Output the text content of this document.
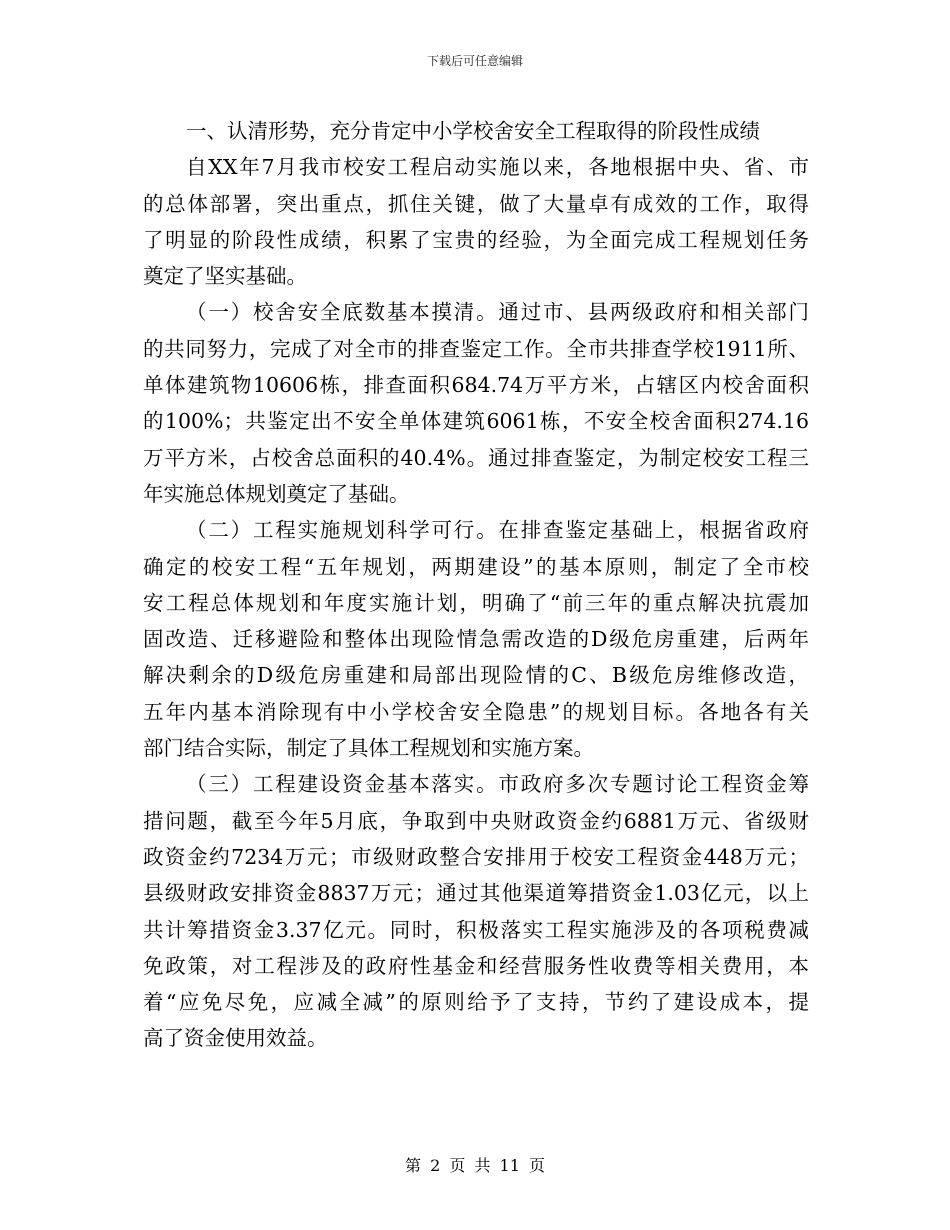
下载后可任意编辑
一、认清形势，充分肯定中小学校舍安全工程取得的阶段性成绩
自XX年7月我市校安工程启动实施以来，各地根据中央、省、市
的总体部署，突出重点，抓住关键，做了大量卓有成效的工作，取得
了明显的阶段性成绩，积累了宝贵的经验，为全面完成工程规划任务
奠定了坚实基础。
（一）校舍安全底数基本摸清。通过市、县两级政府和相关部门
的共同努力，完成了对全市的排查鉴定工作。全市共排查学校1911所、
单体建筑物10606栋，排查面积684.74万平方米，占辖区内校舍面积
的100%；共鉴定出不安全单体建筑6061栋，不安全校舍面积274.16
万平方米，占校舍总面积的40.4%。通过排查鉴定，为制定校安工程三
年实施总体规划奠定了基础。
（二）工程实施规划科学可行。在排查鉴定基础上，根据省政府
确定的校安工程“五年规划，两期建设”的基本原则，制定了全市校
安工程总体规划和年度实施计划，明确了“前三年的重点解决抗震加
固改造、迁移避险和整体出现险情急需改造的D级危房重建，后两年
解决剩余的D级危房重建和局部出现险情的C、B级危房维修改造，
五年内基本消除现有中小学校舍安全隐患”的规划目标。各地各有关
部门结合实际，制定了具体工程规划和实施方案。
（三）工程建设资金基本落实。市政府多次专题讨论工程资金筹
措问题，截至今年5月底，争取到中央财政资金约6881万元、省级财
政资金约7234万元；市级财政整合安排用于校安工程资金448万元；
县级财政安排资金8837万元；通过其他渠道筹措资金1.03亿元，以上
共计筹措资金3.37亿元。同时，积极落实工程实施涉及的各项税费减
免政策，对工程涉及的政府性基金和经营服务性收费等相关费用，本
着“应免尽免，应减全减”的原则给予了支持，节约了建设成本，提
高了资金使用效益。
第 2 页 共 11 页
